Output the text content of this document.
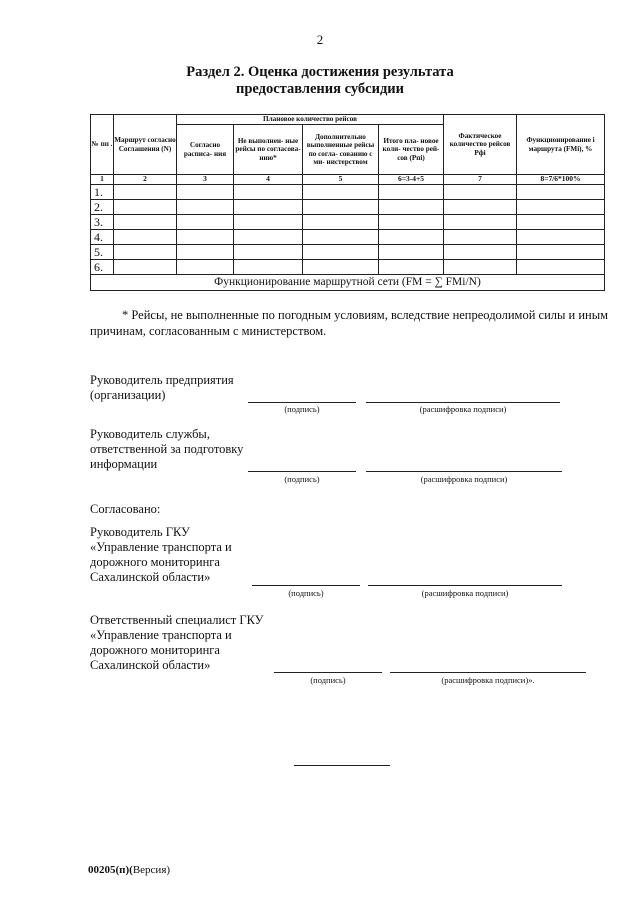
2
Раздел 2. Оценка достижения результата
предоставления субсидии
№ пп .	Маршрут согласно Соглашения (N)	Плановое количество рейсов				Фактическое количество рейсов Рфi	Функционирование i маршрута (FMi), %
		Согласно расписа- ния	Не выполнен- ные рейсы по согласова- нию*	Дополнительно выполненные рейсы по согла- сованию с ми- нистерством	Итого пла- новое коли- чество рей- сов (Pпi)		
1	2	3	4	5	6=3-4+5	7	8=7/6*100%
1.							
2.							
3.							
4.							
5.							
6.							
Функционирование маршрутной сети (FM = ∑ FMi/N)							
* Рейсы, не выполненные по погодным условиям, вследствие непреодолимой силы и иным причинам, согласованным с министерством.
Руководитель предприятия (организации)
(подпись)	(расшифровка подписи)
Руководитель службы, ответственной за подготовку информации
(подпись)	(расшифровка подписи)
Согласовано:
Руководитель ГКУ «Управление транспорта и дорожного мониторинга Сахалинской области»
(подпись)	(расшифровка подписи)
Ответственный специалист ГКУ «Управление транспорта и дорожного мониторинга Сахалинской области»
(подпись)	(расшифровка подписи)».
00205(п)(Версия)
